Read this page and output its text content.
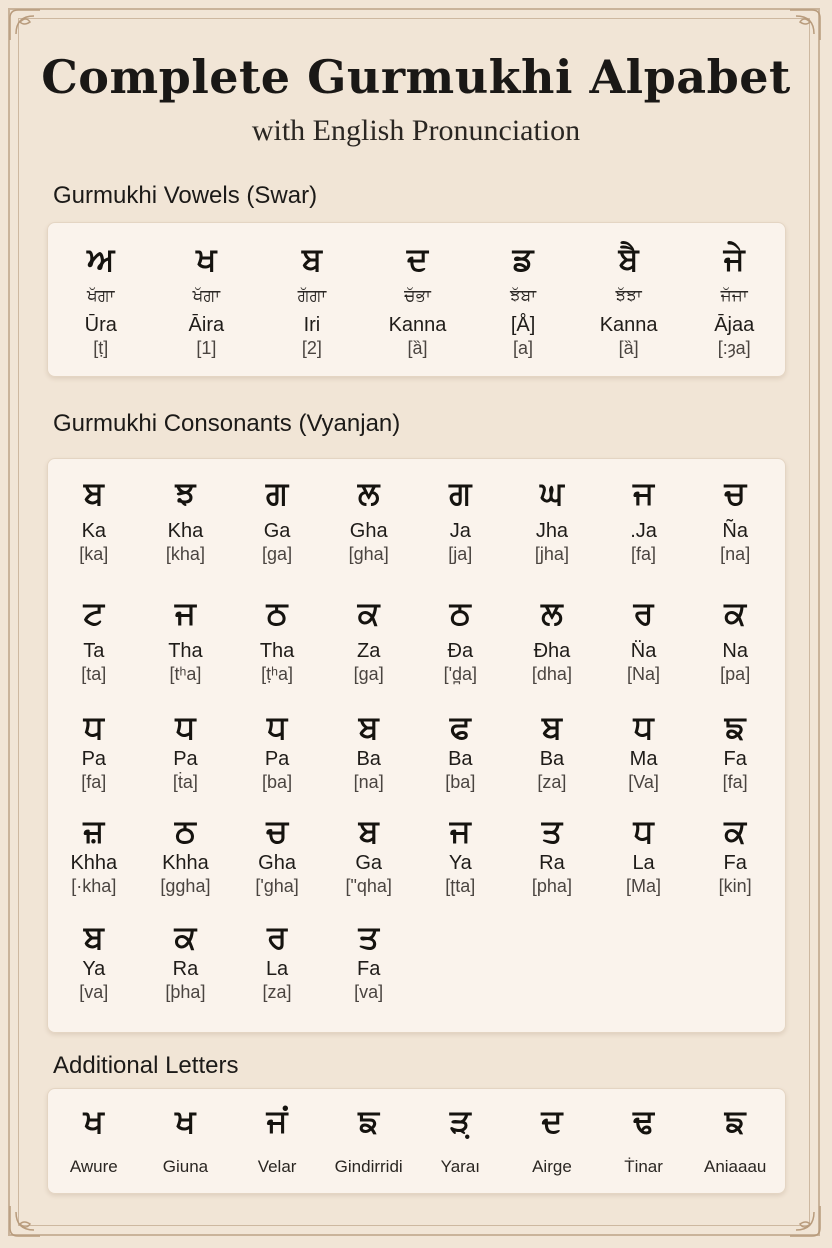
Complete Gurmukhi Alpabet
with English Pronunciation
Gurmukhi Vowels (Swar)
ਅ
ਖੱਗਾ
Ūra
[ṭ]
ਖ
ਖੱਗਾ
Āira
[1]
ਬ
ਗੱਗਾ
Iri
[2]
ਦ
ਚੱਭਾ
Kanna
[ȁ]
ਡ
ਝੱਬਾ
[Å]
[a]
ਬੈ
ਝੱਝਾ
Kanna
[ȁ]
ਜੇ
ਜੱਜਾ
Ājaa
[:ȝa]
Gurmukhi Consonants (Vyanjan)
ਬ
Ka
[ka]
ਝ
Kha
[kha]
ਗ
Ga
[ga]
ਲ
Gha
[gha]
ਗ
Ja
[ja]
ਘ
Jha
[jha]
ਜ
.Ja
[fa]
ਚ
Ña
[na]
ਟ
Ta
[ta]
ਜ
Tha
[tʰa]
ਠ
Tha
[ṭʰa]
ਕ
Za
[ga]
ਠ
Đa
[ʹd̪a]
ਲ
Đha
[dha]
ਰ
N̈a
[Na]
ਕ
Na
[pa]
ਧ
Pa
[fa]
ਧ
Pa
[ṫa]
ਧ
Pa
[ba]
ਬ
Ba
[na]
ਫ
Ba
[ba]
ਬ
Ba
[za]
ਧ
Ma
[Va]
ਙ
Fa
[fa]
ਜ਼
Khha
[·kha]
ਠ
Khha
[ggha]
ਚ
Gha
[ʹgha]
ਬ
Ga
[ʺqha]
ਜ
Ya
[ʈta]
ਤ
Ra
[pha]
ਧ
La
[Ma]
ਕ
Fa
[kin]
ਬ
Ya
[va]
ਕ
Ra
[þha]
ਰ
La
[za]
ਤ
Fa
[va]
Additional Letters
ਖ
Awure
ਖ
Giuna
ਜਂ
Velar
ਙ
Gindirridi
ੜ਼
Yaraı
ਦ
Airge
ਢ
Ṫinar
ਙ
Aniaaau
